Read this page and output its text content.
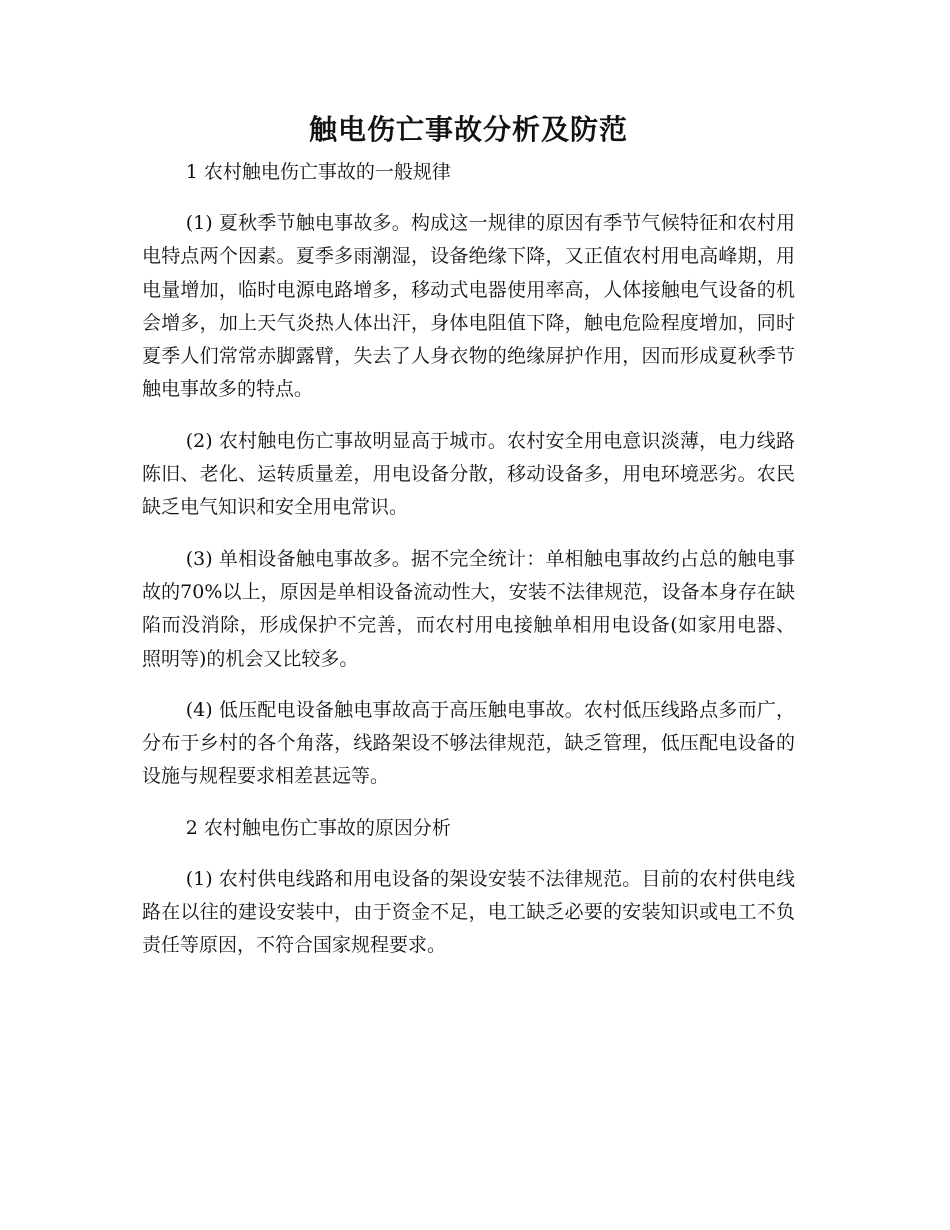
触电伤亡事故分析及防范
1 农村触电伤亡事故的一般规律

(1) 夏秋季节触电事故多。构成这一规律的原因有季节气候特征和农村用电特点两个因素。夏季多雨潮湿，设备绝缘下降，又正值农村用电高峰期，用电量增加，临时电源电路增多，移动式电器使用率高，人体接触电气设备的机会增多，加上天气炎热人体出汗，身体电阻值下降，触电危险程度增加，同时夏季人们常常赤脚露臂，失去了人身衣物的绝缘屏护作用，因而形成夏秋季节触电事故多的特点。

(2) 农村触电伤亡事故明显高于城市。农村安全用电意识淡薄，电力线路陈旧、老化、运转质量差，用电设备分散，移动设备多，用电环境恶劣。农民缺乏电气知识和安全用电常识。

(3) 单相设备触电事故多。据不完全统计：单相触电事故约占总的触电事故的70%以上，原因是单相设备流动性大，安装不法律规范，设备本身存在缺陷而没消除，形成保护不完善，而农村用电接触单相用电设备(如家用电器、照明等)的机会又比较多。

(4) 低压配电设备触电事故高于高压触电事故。农村低压线路点多而广，分布于乡村的各个角落，线路架设不够法律规范，缺乏管理，低压配电设备的设施与规程要求相差甚远等。

2 农村触电伤亡事故的原因分析

(1) 农村供电线路和用电设备的架设安装不法律规范。目前的农村供电线路在以往的建设安装中，由于资金不足，电工缺乏必要的安装知识或电工不负责任等原因，不符合国家规程要求。
